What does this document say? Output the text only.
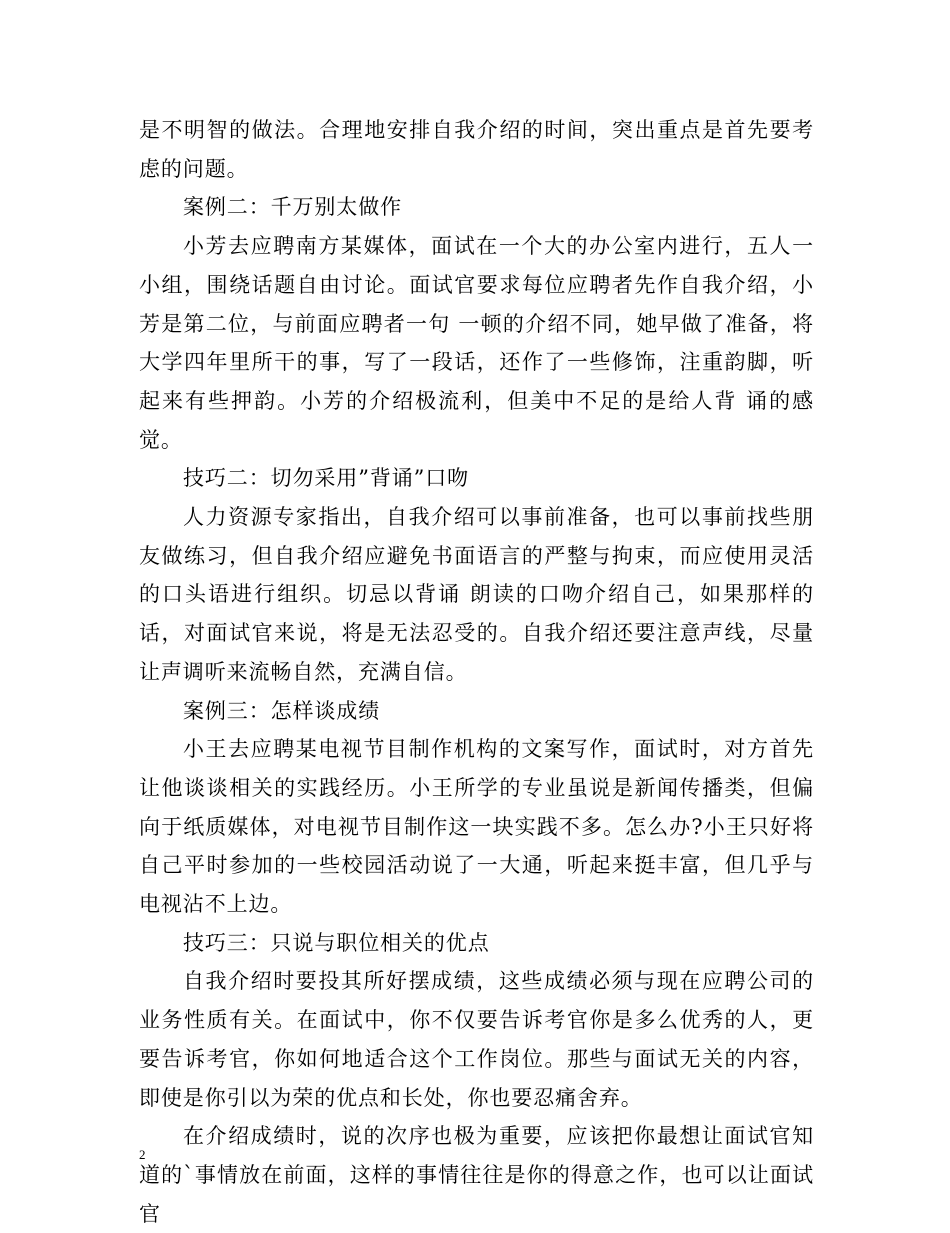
是不明智的做法。合理地安排自我介绍的时间，突出重点是首先要考虑的问题。

案例二：千万别太做作

小芳去应聘南方某媒体，面试在一个大的办公室内进行，五人一小组，围绕话题自由讨论。面试官要求每位应聘者先作自我介绍，小芳是第二位，与前面应聘者一句 一顿的介绍不同，她早做了准备，将大学四年里所干的事，写了一段话，还作了一些修饰，注重韵脚，听起来有些押韵。小芳的介绍极流利，但美中不足的是给人背 诵的感觉。

技巧二：切勿采用”背诵”口吻

人力资源专家指出，自我介绍可以事前准备，也可以事前找些朋友做练习，但自我介绍应避免书面语言的严整与拘束，而应使用灵活的口头语进行组织。切忌以背诵 朗读的口吻介绍自己，如果那样的话，对面试官来说，将是无法忍受的。自我介绍还要注意声线，尽量让声调听来流畅自然，充满自信。

案例三：怎样谈成绩

小王去应聘某电视节目制作机构的文案写作，面试时，对方首先让他谈谈相关的实践经历。小王所学的专业虽说是新闻传播类，但偏向于纸质媒体，对电视节目制作这一块实践不多。怎么办?小王只好将自己平时参加的一些校园活动说了一大通，听起来挺丰富，但几乎与电视沾不上边。

技巧三：只说与职位相关的优点

自我介绍时要投其所好摆成绩，这些成绩必须与现在应聘公司的业务性质有关。在面试中，你不仅要告诉考官你是多么优秀的人，更要告诉考官，你如何地适合这个工作岗位。那些与面试无关的内容，即使是你引以为荣的优点和长处，你也要忍痛舍弃。

在介绍成绩时，说的次序也极为重要，应该把你最想让面试官知道的`事情放在前面，这样的事情往往是你的得意之作，也可以让面试官

2
